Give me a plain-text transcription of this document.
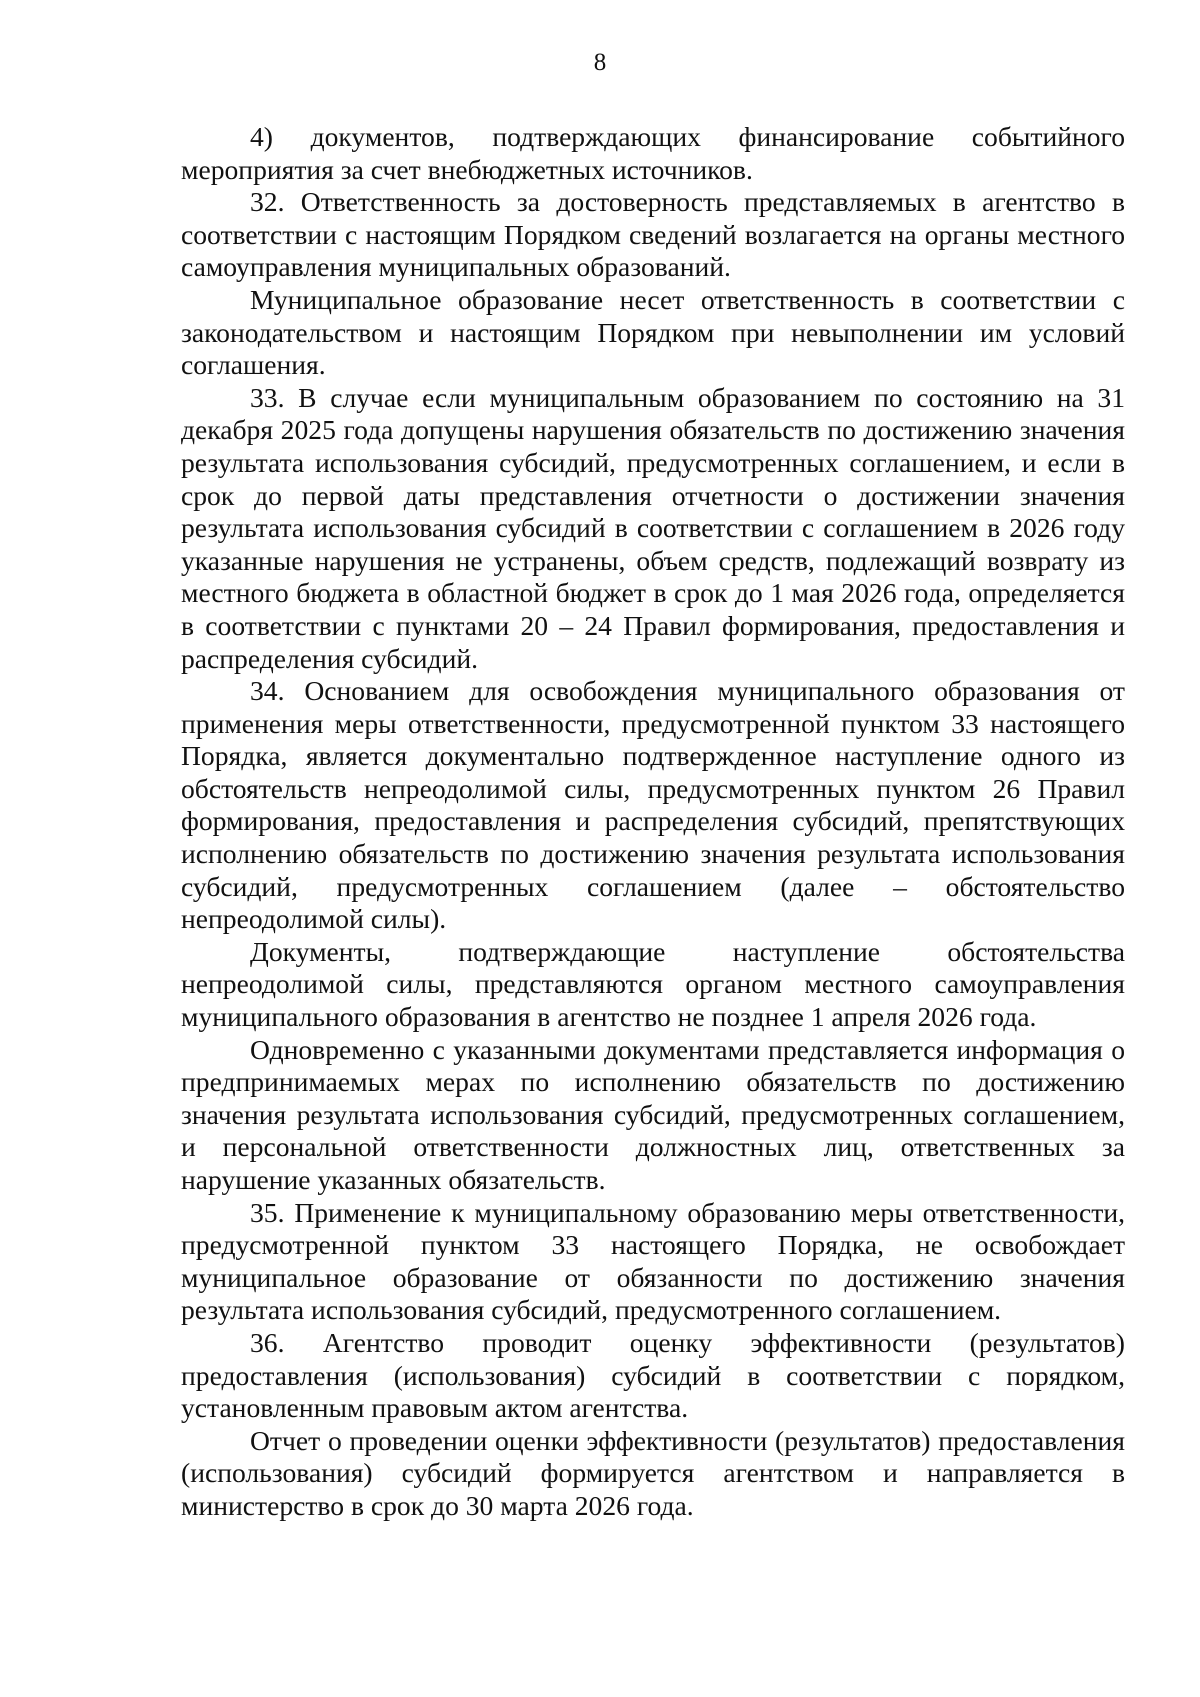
8

4) документов, подтверждающих финансирование событийного мероприятия за счет внебюджетных источников.

32. Ответственность за достоверность представляемых в агентство в соответствии с настоящим Порядком сведений возлагается на органы местного самоуправления муниципальных образований.

Муниципальное образование несет ответственность в соответствии с законодательством и настоящим Порядком при невыполнении им условий соглашения.

33. В случае если муниципальным образованием по состоянию на 31 декабря 2025 года допущены нарушения обязательств по достижению значения результата использования субсидий, предусмотренных соглашением, и если в срок до первой даты представления отчетности о достижении значения результата использования субсидий в соответствии с соглашением в 2026 году указанные нарушения не устранены, объем средств, подлежащий возврату из местного бюджета в областной бюджет в срок до 1 мая 2026 года, определяется в соответствии с пунктами 20 – 24 Правил формирования, предоставления и распределения субсидий.

34. Основанием для освобождения муниципального образования от применения меры ответственности, предусмотренной пунктом 33 настоящего Порядка, является документально подтвержденное наступление одного из обстоятельств непреодолимой силы, предусмотренных пунктом 26 Правил формирования, предоставления и распределения субсидий, препятствующих исполнению обязательств по достижению значения результата использования субсидий, предусмотренных соглашением (далее – обстоятельство непреодолимой силы).

Документы, подтверждающие наступление обстоятельства непреодолимой силы, представляются органом местного самоуправления муниципального образования в агентство не позднее 1 апреля 2026 года.

Одновременно с указанными документами представляется информация о предпринимаемых мерах по исполнению обязательств по достижению значения результата использования субсидий, предусмотренных соглашением, и персональной ответственности должностных лиц, ответственных за нарушение указанных обязательств.

35. Применение к муниципальному образованию меры ответственности, предусмотренной пунктом 33 настоящего Порядка, не освобождает муниципальное образование от обязанности по достижению значения результата использования субсидий, предусмотренного соглашением.

36. Агентство проводит оценку эффективности (результатов) предоставления (использования) субсидий в соответствии с порядком, установленным правовым актом агентства.

Отчет о проведении оценки эффективности (результатов) предоставления (использования) субсидий формируется агентством и направляется в министерство в срок до 30 марта 2026 года.
